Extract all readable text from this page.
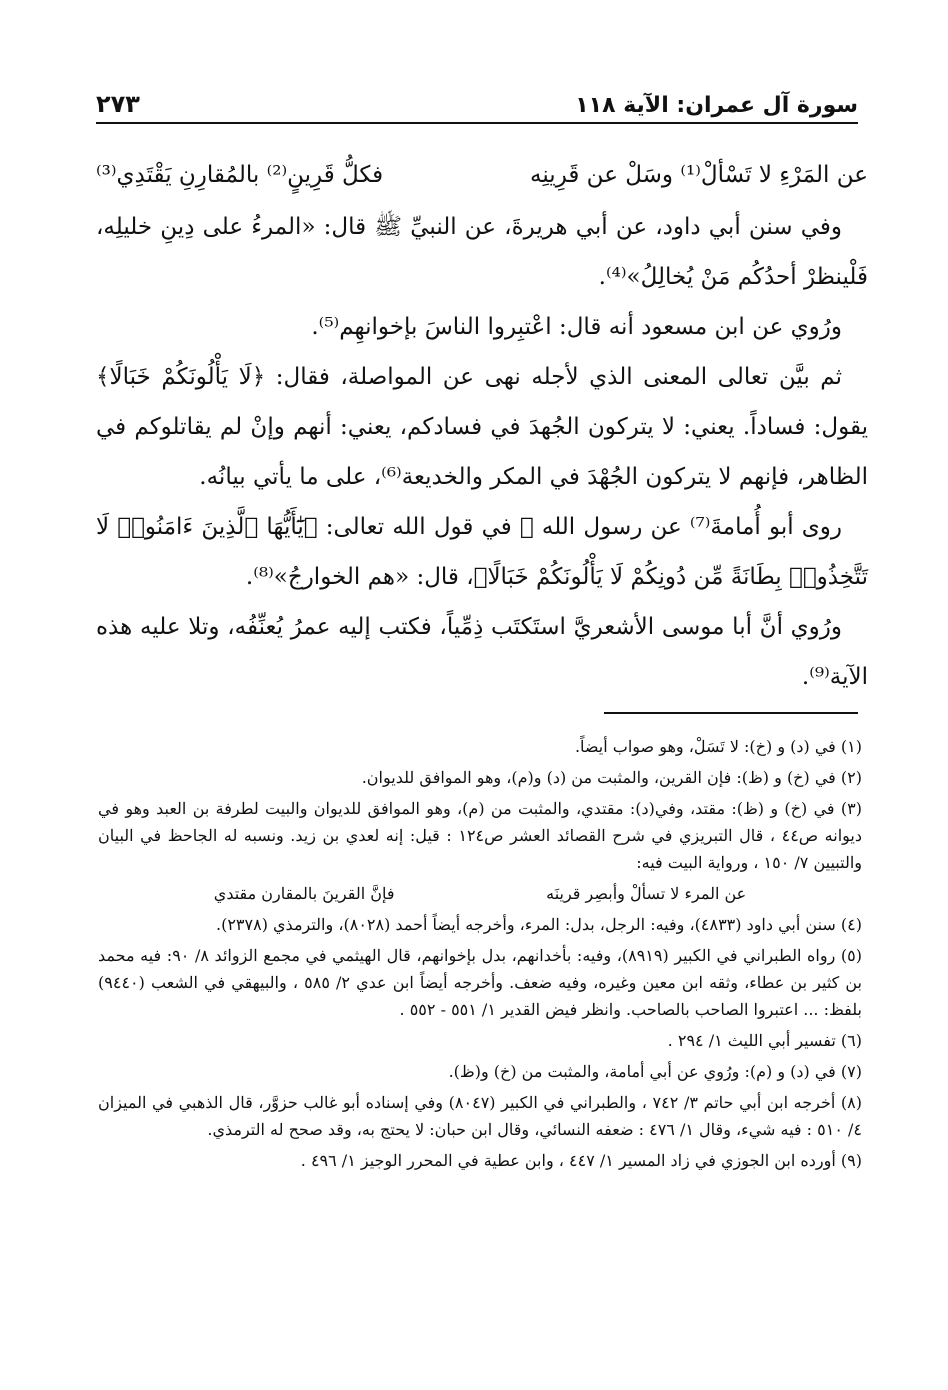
سورة آل عمران: الآية ١١٨
٢٧٣
عن المَرْءِ لا تَسْألْ⁽¹⁾ وسَلْ عن قَرِينِه
فكلُّ قَرِينٍ⁽²⁾ بالمُقارِنِ يَقْتَدِي⁽³⁾

وفي سنن أبي داود، عن أبي هريرةَ، عن النبيِّ ﷺ قال: «المرءُ على دِينِ خليلِه، فَلْينظرْ أحدُكُم مَنْ يُخالِلُ»⁽⁴⁾.

ورُوي عن ابن مسعود أنه قال: اعْتبِروا الناسَ بإخوانهِم⁽⁵⁾.

ثم بيَّن تعالى المعنى الذي لأجله نهى عن المواصلة، فقال: ﴿لَا يَأْلُونَكُمْ خَبَالًا﴾ يقول: فساداً. يعني: لا يتركون الجُهدَ في فسادكم، يعني: أنهم وإنْ لم يقاتلوكم في الظاهر، فإنهم لا يتركون الجُهْدَ في المكر والخديعة⁽⁶⁾، على ما يأتي بيانُه.

روى أبو أُمامةَ⁽⁷⁾ عن رسول الله ﷺ في قول الله تعالى: ﴿يَٰٓأَيُّهَا ٱلَّذِينَ ءَامَنُوا۟ لَا تَتَّخِذُوا۟ بِطَانَةً مِّن دُونِكُمْ لَا يَأْلُونَكُمْ خَبَالًا﴾، قال: «هم الخوارجُ»⁽⁸⁾.

ورُوي أنَّ أبا موسى الأشعريَّ استَكتَب ذِمِّياً، فكتب إليه عمرُ يُعنِّفُه، وتلا عليه هذه الآية⁽⁹⁾.

(١) في (د) و (خ): لا تَسَلْ، وهو صواب أيضاً.

(٢) في (خ) و (ظ): فإن القرين، والمثبت من (د) و(م)، وهو الموافق للديوان.

(٣) في (خ) و (ظ): مقتد، وفي(د): مقتدي، والمثبت من (م)، وهو الموافق للديوان والبيت لطرفة بن العبد وهو في ديوانه ص٤٤ ، قال التبريزي في شرح القصائد العشر ص١٢٤ : قيل: إنه لعدي بن زيد. ونسبه له الجاحظ في البيان والتبيين ٧/ ١٥٠ ، ورواية البيت فيه:

عن المرء لا تسألْ وأبصِر قرينَه
فإنَّ القرينَ بالمقارن مقتدي

(٤) سنن أبي داود (٤٨٣٣)، وفيه: الرجل، بدل: المرء، وأخرجه أيضاً أحمد (٨٠٢٨)، والترمذي (٢٣٧٨).

(٥) رواه الطبراني في الكبير (٨٩١٩)، وفيه: بأخدانهم، بدل بإخوانهم، قال الهيثمي في مجمع الزوائد ٨/ ٩٠: فيه محمد بن كثير بن عطاء، وثقه ابن معين وغيره، وفيه ضعف. وأخرجه أيضاً ابن عدي ٢/ ٥٨٥ ، والبيهقي في الشعب (٩٤٤٠) بلفظ: ... اعتبروا الصاحب بالصاحب. وانظر فيض القدير ١/ ٥٥١ - ٥٥٢ .

(٦) تفسير أبي الليث ١/ ٢٩٤ .

(٧) في (د) و (م): ورُوي عن أبي أمامة، والمثبت من (خ) و(ظ).

(٨) أخرجه ابن أبي حاتم ٣/ ٧٤٢ ، والطبراني في الكبير (٨٠٤٧) وفي إسناده أبو غالب حزوَّر، قال الذهبي في الميزان ٤/ ٥١٠ : فيه شيء، وقال ١/ ٤٧٦ : ضعفه النسائي، وقال ابن حبان: لا يحتج به، وقد صحح له الترمذي.

(٩) أورده ابن الجوزي في زاد المسير ١/ ٤٤٧ ، وابن عطية في المحرر الوجيز ١/ ٤٩٦ .
